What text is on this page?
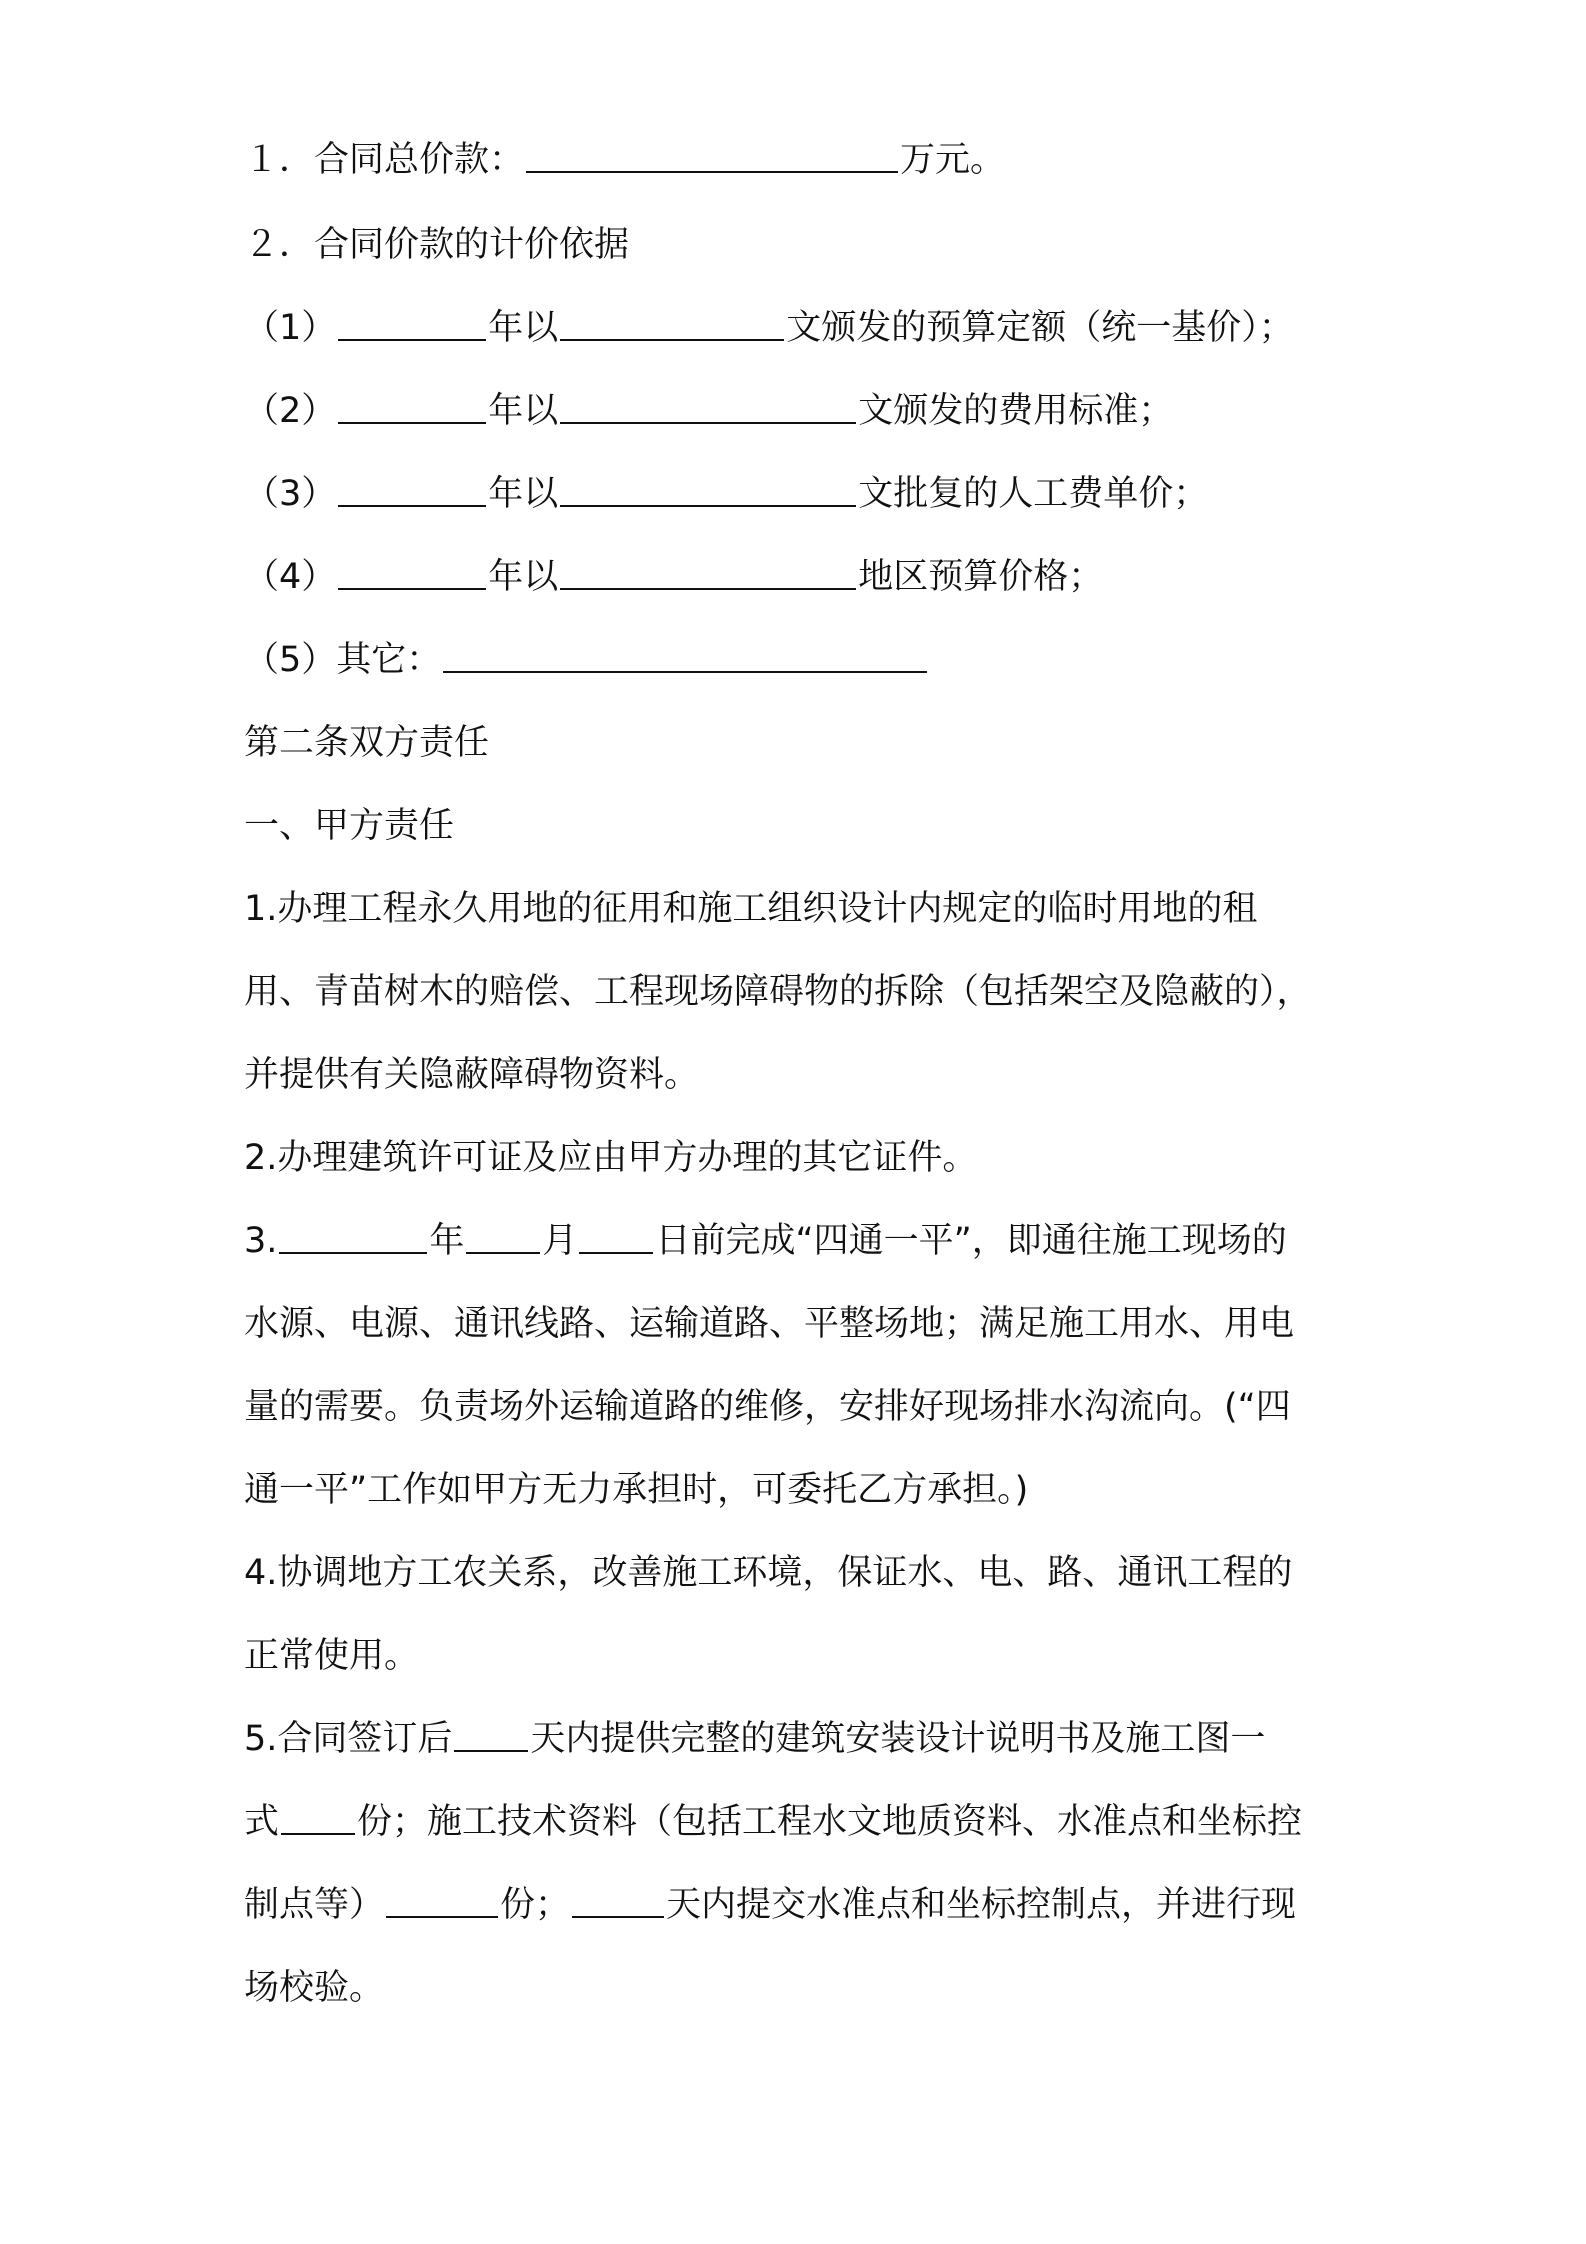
１．合同总价款：	万元。
２．合同价款的计价依据
（1）	年以	文颁发的预算定额（统一基价）；
（2）	年以	文颁发的费用标准；
（3）	年以	文批复的人工费单价；
（4）	年以	地区预算价格；
（5）其它：
第二条双方责任
一、甲方责任
1.办理工程永久用地的征用和施工组织设计内规定的临时用地的租
用、青苗树木的赔偿、工程现场障碍物的拆除（包括架空及隐蔽的），
并提供有关隐蔽障碍物资料。
2.办理建筑许可证及应由甲方办理的其它证件。
3.	年 月 日前完成“四通一平”，即通往施工现场的
水源、电源、通讯线路、运输道路、平整场地；满足施工用水、用电
量的需要。负责场外运输道路的维修，安排好现场排水沟流向。(“四
通一平”工作如甲方无力承担时，可委托乙方承担。)
4.协调地方工农关系，改善施工环境，保证水、电、路、通讯工程的
正常使用。
5.合同签订后 天内提供完整的建筑安装设计说明书及施工图一
式 份；施工技术资料（包括工程水文地质资料、水准点和坐标控
制点等）	份；	天内提交水准点和坐标控制点，并进行现
场校验。
